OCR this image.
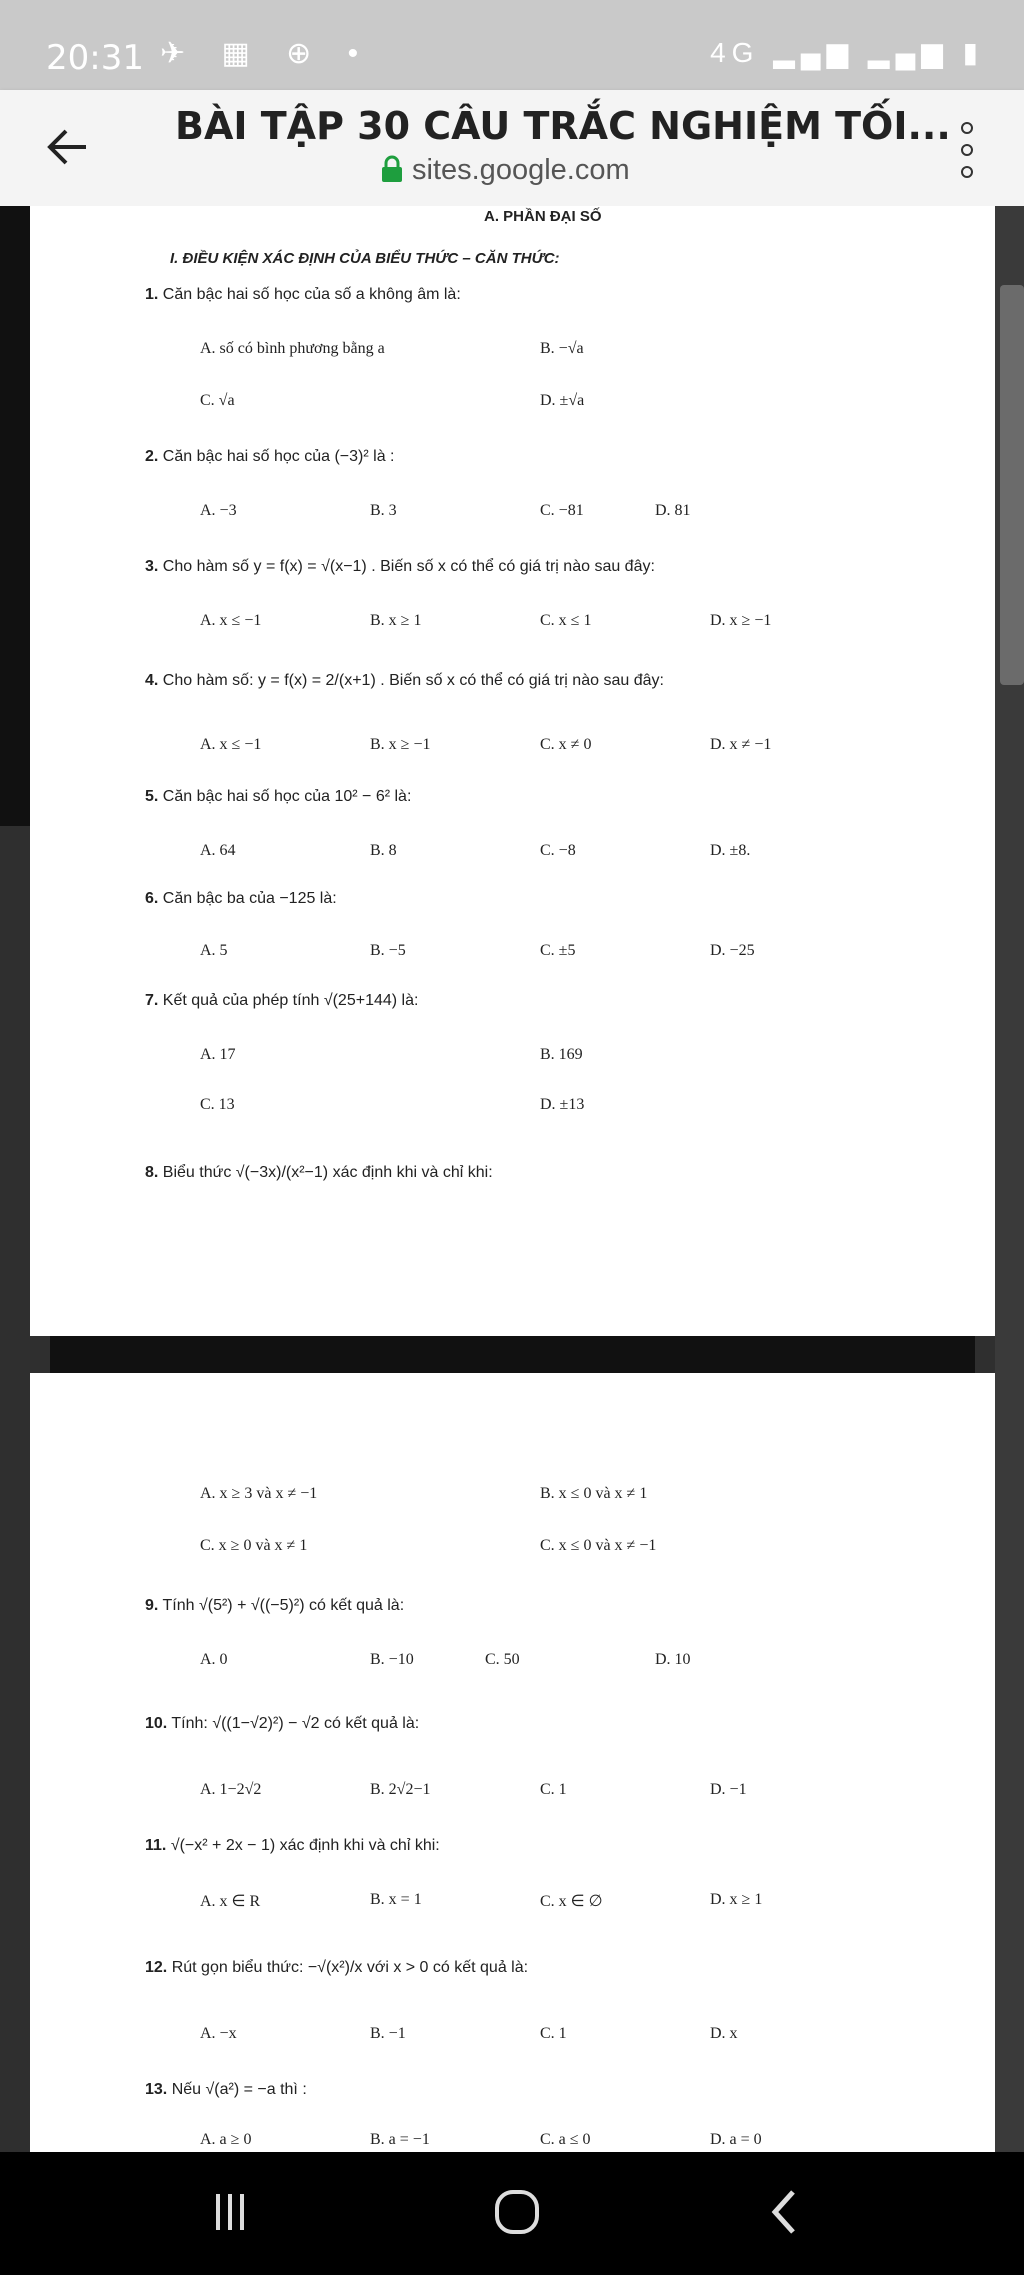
20:31 ✈ ▦ ⊕ •	4G ▂▄▆ ▂▄▆ ▮
BÀI TẬP 30 CÂU TRẮC NGHIỆM TỐI...
sites.google.com
A. PHẦN ĐẠI SỐ
I. ĐIỀU KIỆN XÁC ĐỊNH CỦA BIỂU THỨC – CĂN THỨC:
1. Căn bậc hai số học của số a không âm là:
A. số có bình phương bằng a	B. −√a
C. √a	D. ±√a
2. Căn bậc hai số học của (−3)² là :
A. −3	B. 3	C. −81	D. 81
3. Cho hàm số y = f(x) = √(x−1) . Biến số x có thể có giá trị nào sau đây:
A. x ≤ −1	B. x ≥ 1	C. x ≤ 1	D. x ≥ −1
4. Cho hàm số: y = f(x) = 2/(x+1) . Biến số x có thể có giá trị nào sau đây:
A. x ≤ −1	B. x ≥ −1	C. x ≠ 0	D. x ≠ −1
5. Căn bậc hai số học của 10² − 6² là:
A. 64	B. 8	C. −8	D. ±8.
6. Căn bậc ba của −125 là:
A. 5	B. −5	C. ±5	D. −25
7. Kết quả của phép tính √(25+144) là:
A. 17	B. 169
C. 13	D. ±13
8. Biểu thức √(−3x)/(x²−1) xác định khi và chỉ khi:
A. x ≥ 3 và x ≠ −1	B. x ≤ 0 và x ≠ 1
C. x ≥ 0 và x ≠ 1	C. x ≤ 0 và x ≠ −1
9. Tính √(5²) + √((−5)²) có kết quả là:
A. 0	B. −10	C. 50	D. 10
10. Tính: √((1−√2)²) − √2 có kết quả là:
A. 1−2√2	B. 2√2−1	C. 1	D. −1
11. √(−x² + 2x − 1) xác định khi và chỉ khi:
A. x ∈ R	B. x = 1	C. x ∈ ∅	D. x ≥ 1
12. Rút gọn biểu thức: −√(x²)/x với x > 0 có kết quả là:
A. −x	B. −1	C. 1	D. x
13. Nếu √(a²) = −a thì :
A. a ≥ 0	B. a = −1	C. a ≤ 0	D. a = 0
